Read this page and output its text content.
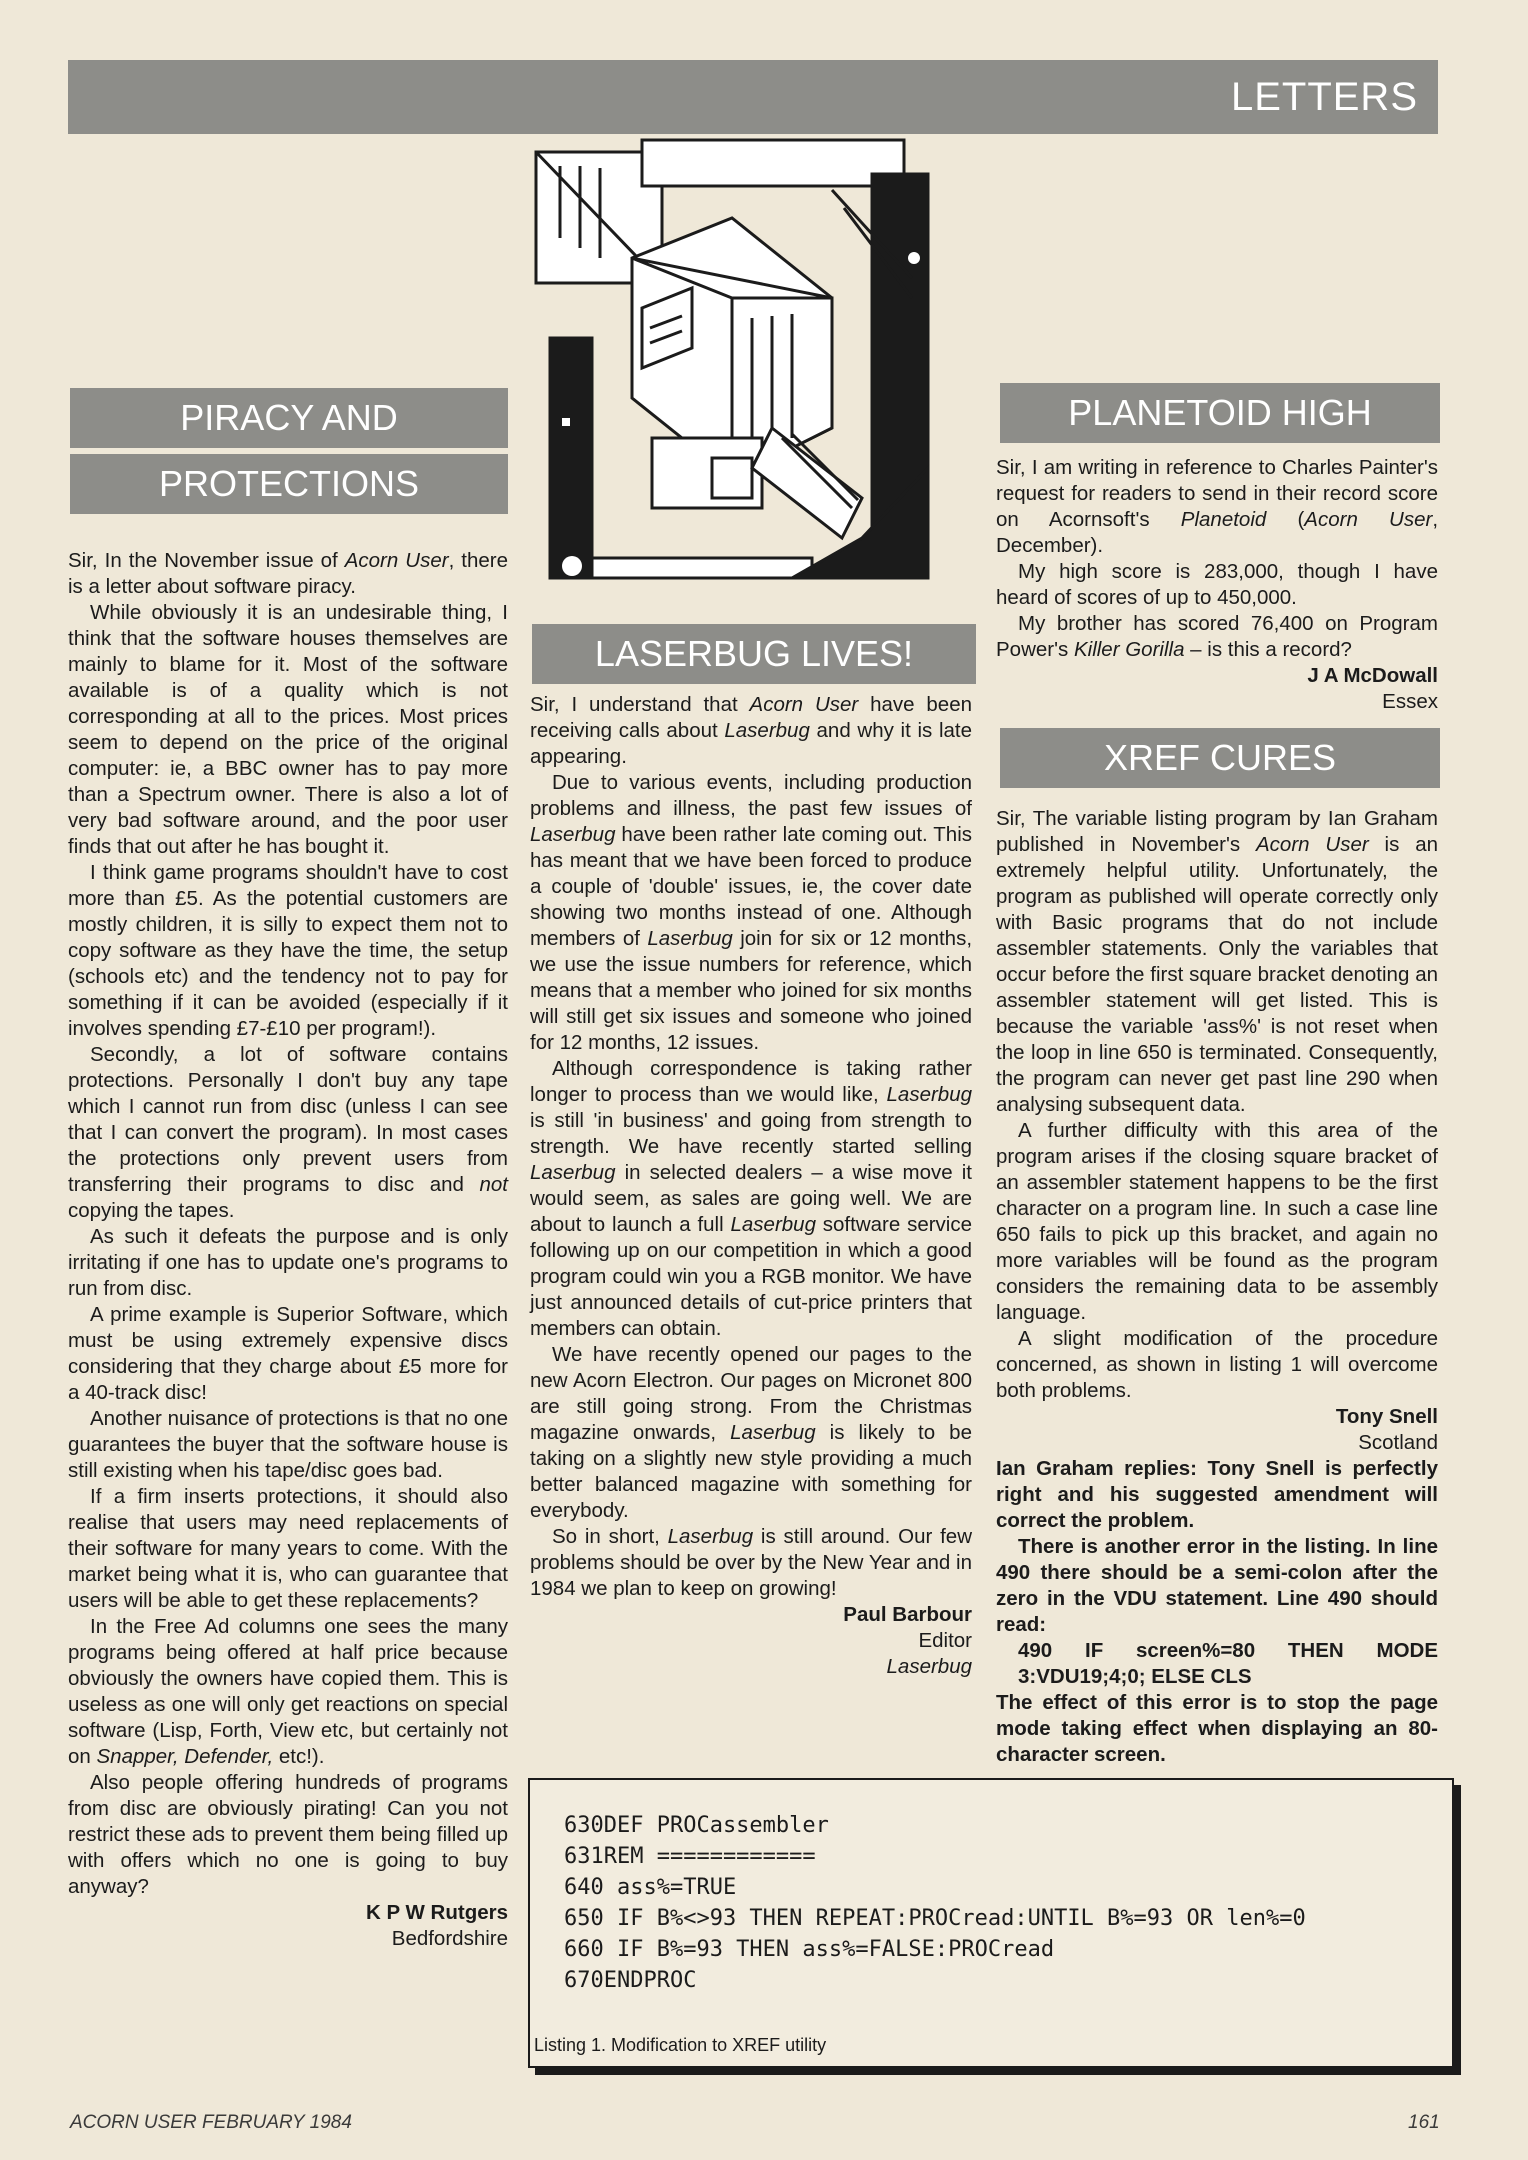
LETTERS
PIRACY AND
PROTECTIONS
LASERBUG LIVES!
PLANETOID HIGH
XREF CURES

Sir, In the November issue of Acorn User, there is a letter about software piracy.

While obviously it is an undesirable thing, I think that the software houses themselves are mainly to blame for it. Most of the software available is of a quality which is not corresponding at all to the prices. Most prices seem to depend on the price of the original computer: ie, a BBC owner has to pay more than a Spectrum owner. There is also a lot of very bad software around, and the poor user finds that out after he has bought it.

I think game programs shouldn't have to cost more than £5. As the potential customers are mostly children, it is silly to expect them not to copy software as they have the time, the setup (schools etc) and the tendency not to pay for something if it can be avoided (especially if it involves spending £7-£10 per program!).

Secondly, a lot of software contains protections. Personally I don't buy any tape which I cannot run from disc (unless I can see that I can convert the program). In most cases the protections only prevent users from transferring their programs to disc and not copying the tapes.

As such it defeats the purpose and is only irritating if one has to update one's programs to run from disc.

A prime example is Superior Software, which must be using extremely expensive discs considering that they charge about £5 more for a 40-track disc!

Another nuisance of protections is that no one guarantees the buyer that the software house is still existing when his tape/disc goes bad.

If a firm inserts protections, it should also realise that users may need replacements of their software for many years to come. With the market being what it is, who can guarantee that users will be able to get these replacements?

In the Free Ad columns one sees the many programs being offered at half price because obviously the owners have copied them. This is useless as one will only get reactions on special software (Lisp, Forth, View etc, but certainly not on Snapper, Defender, etc!).

Also people offering hundreds of programs from disc are obviously pirating! Can you not restrict these ads to prevent them being filled up with offers which no one is going to buy anyway?

K P W Rutgers

Bedfordshire

Sir, I understand that Acorn User have been receiving calls about Laserbug and why it is late appearing.

Due to various events, including production problems and illness, the past few issues of Laserbug have been rather late coming out. This has meant that we have been forced to produce a couple of 'double' issues, ie, the cover date showing two months instead of one. Although members of Laserbug join for six or 12 months, we use the issue numbers for reference, which means that a member who joined for six months will still get six issues and someone who joined for 12 months, 12 issues.

Although correspondence is taking rather longer to process than we would like, Laserbug is still 'in business' and going from strength to strength. We have recently started selling Laserbug in selected dealers – a wise move it would seem, as sales are going well. We are about to launch a full Laserbug software service following up on our competition in which a good program could win you a RGB monitor. We have just announced details of cut-price printers that members can obtain.

We have recently opened our pages to the new Acorn Electron. Our pages on Micronet 800 are still going strong. From the Christmas magazine onwards, Laserbug is likely to be taking on a slightly new style providing a much better balanced magazine with something for everybody.

So in short, Laserbug is still around. Our few problems should be over by the New Year and in 1984 we plan to keep on growing!

Paul Barbour

Editor

Laserbug

Sir, I am writing in reference to Charles Painter's request for readers to send in their record score on Acornsoft's Planetoid (Acorn User, December).

My high score is 283,000, though I have heard of scores of up to 450,000.

My brother has scored 76,400 on Program Power's Killer Gorilla – is this a record?

J A McDowall

Essex

Sir, The variable listing program by Ian Graham published in November's Acorn User is an extremely helpful utility. Unfortunately, the program as published will operate correctly only with Basic programs that do not include assembler statements. Only the variables that occur before the first square bracket denoting an assembler statement will get listed. This is because the variable 'ass%' is not reset when the loop in line 650 is terminated. Consequently, the program can never get past line 290 when analysing subsequent data.

A further difficulty with this area of the program arises if the closing square bracket of an assembler statement happens to be the first character on a program line. In such a case line 650 fails to pick up this bracket, and again no more variables will be found as the program considers the remaining data to be assembly language.

A slight modification of the procedure concerned, as shown in listing 1 will overcome both problems.

Tony Snell

Scotland

Ian Graham replies: Tony Snell is perfectly right and his suggested amendment will correct the problem.

There is another error in the listing. In line 490 there should be a semi-colon after the zero in the VDU statement. Line 490 should read:

490 IF screen%=80 THEN MODE

3:VDU19;4;0; ELSE CLS

The effect of this error is to stop the page mode taking effect when displaying an 80-character screen.

630DEF PROCassembler
631REM ============
640 ass%=TRUE
650 IF B%<>93 THEN REPEAT:PROCread:UNTIL B%=93 OR len%=0
660 IF B%=93 THEN ass%=FALSE:PROCread
670ENDPROC
Listing 1. Modification to XREF utility
ACORN USER FEBRUARY 1984	161
